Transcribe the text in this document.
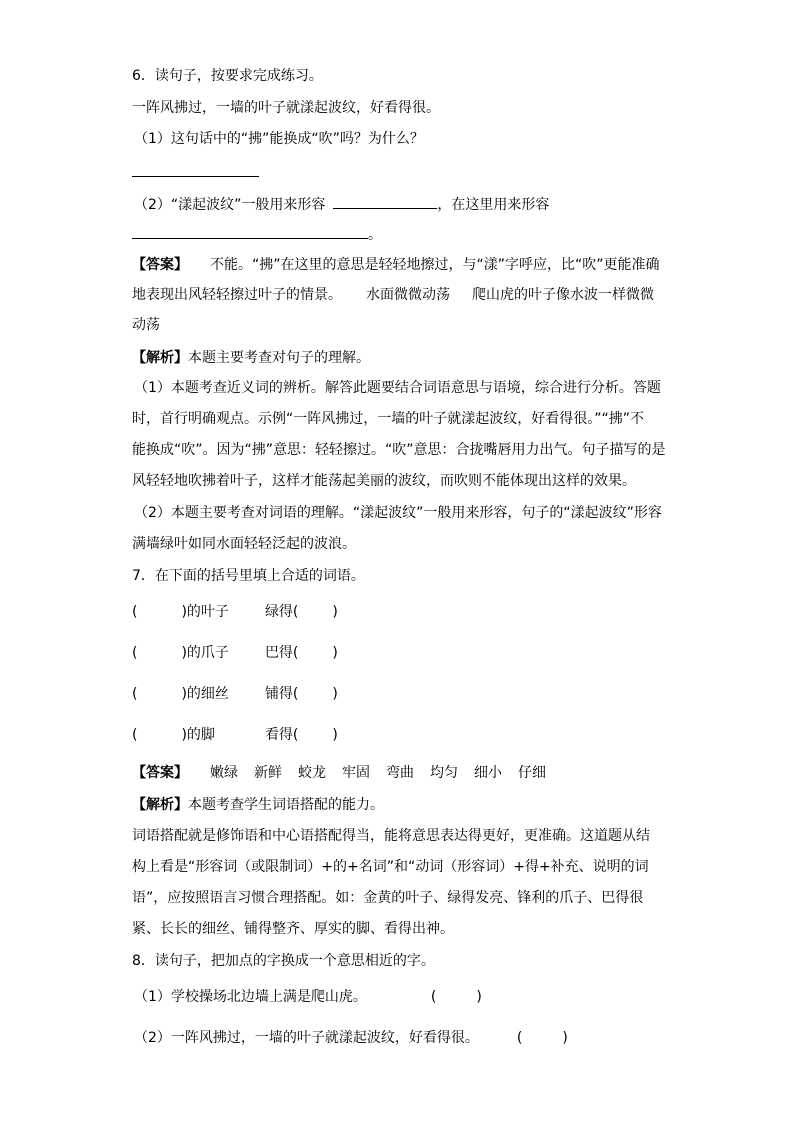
6．读句子，按要求完成练习。
一阵风拂过，一墙的叶子就漾起波纹，好看得很。
（1）这句话中的“拂”能换成“吹”吗？为什么？
（2）“漾起波纹”一般用来形容	，在这里用来形容
。
【答案】 不能。“拂”在这里的意思是轻轻地擦过，与“漾”字呼应，比“吹”更能准确
地表现出风轻轻擦过叶子的情景。 水面微微动荡 爬山虎的叶子像水波一样微微
动荡
【解析】本题主要考查对句子的理解。
（1）本题考查近义词的辨析。解答此题要结合词语意思与语境，综合进行分析。答题
时，首行明确观点。示例“一阵风拂过，一墙的叶子就漾起波纹，好看得很。”“拂”不
能换成“吹”。因为“拂”意思：轻轻擦过。“吹”意思：合拢嘴唇用力出气。句子描写的是
风轻轻地吹拂着叶子，这样才能荡起美丽的波纹，而吹则不能体现出这样的效果。
（2）本题主要考查对词语的理解。“漾起波纹”一般用来形容，句子的“漾起波纹”形容
满墙绿叶如同水面轻轻泛起的波浪。
7．在下面的括号里填上合适的词语。
(	)的叶子	绿得( )
(	)的爪子	巴得( )
(	)的细丝	铺得( )
(	)的脚	看得( )
【答案】 嫩绿 新鲜 蛟龙 牢固 弯曲 均匀 细小 仔细
【解析】本题考查学生词语搭配的能力。
词语搭配就是修饰语和中心语搭配得当，能将意思表达得更好，更准确。这道题从结
构上看是“形容词（或限制词）+的+名词”和“动词（形容词）+得+补充、说明的词
语”，应按照语言习惯合理搭配。如：金黄的叶子、绿得发亮、锋利的爪子、巴得很
紧、长长的细丝、铺得整齐、厚实的脚、看得出神。
8．读句子，把加点的字换成一个意思相近的字。
（1）学校操场北边墙上满是爬山虎。	(	)
（2）一阵风拂过，一墙的叶子就漾起波纹，好看得很。	(	)
